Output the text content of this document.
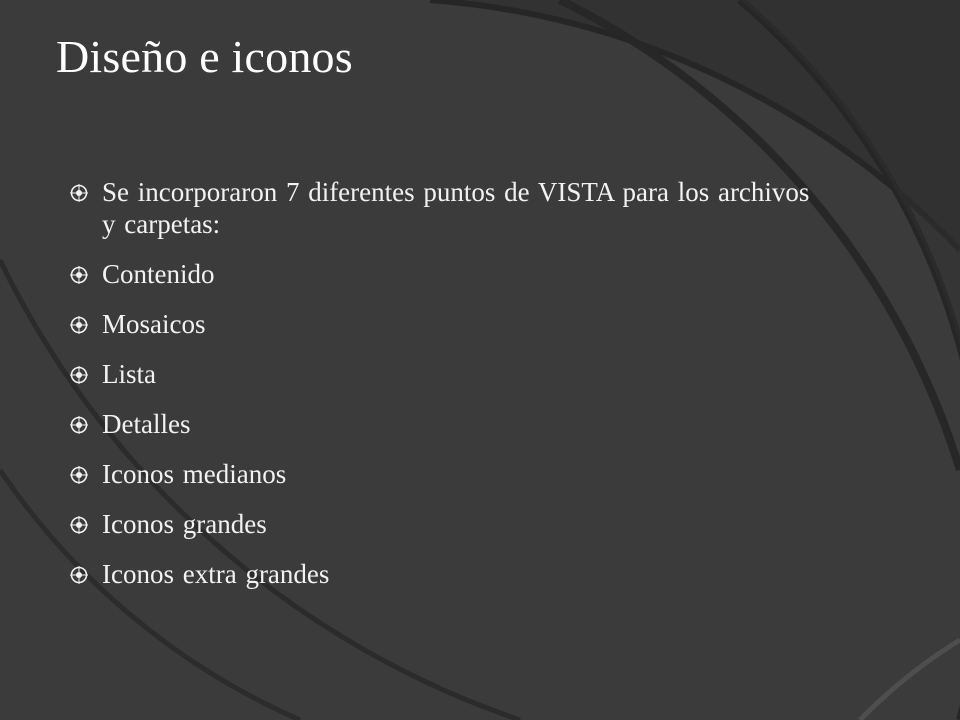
Diseño e iconos
Se incorporaron 7 diferentes puntos de VISTA para los archivos y carpetas:
Contenido
Mosaicos
Lista
Detalles
Iconos medianos
Iconos grandes
Iconos extra grandes
